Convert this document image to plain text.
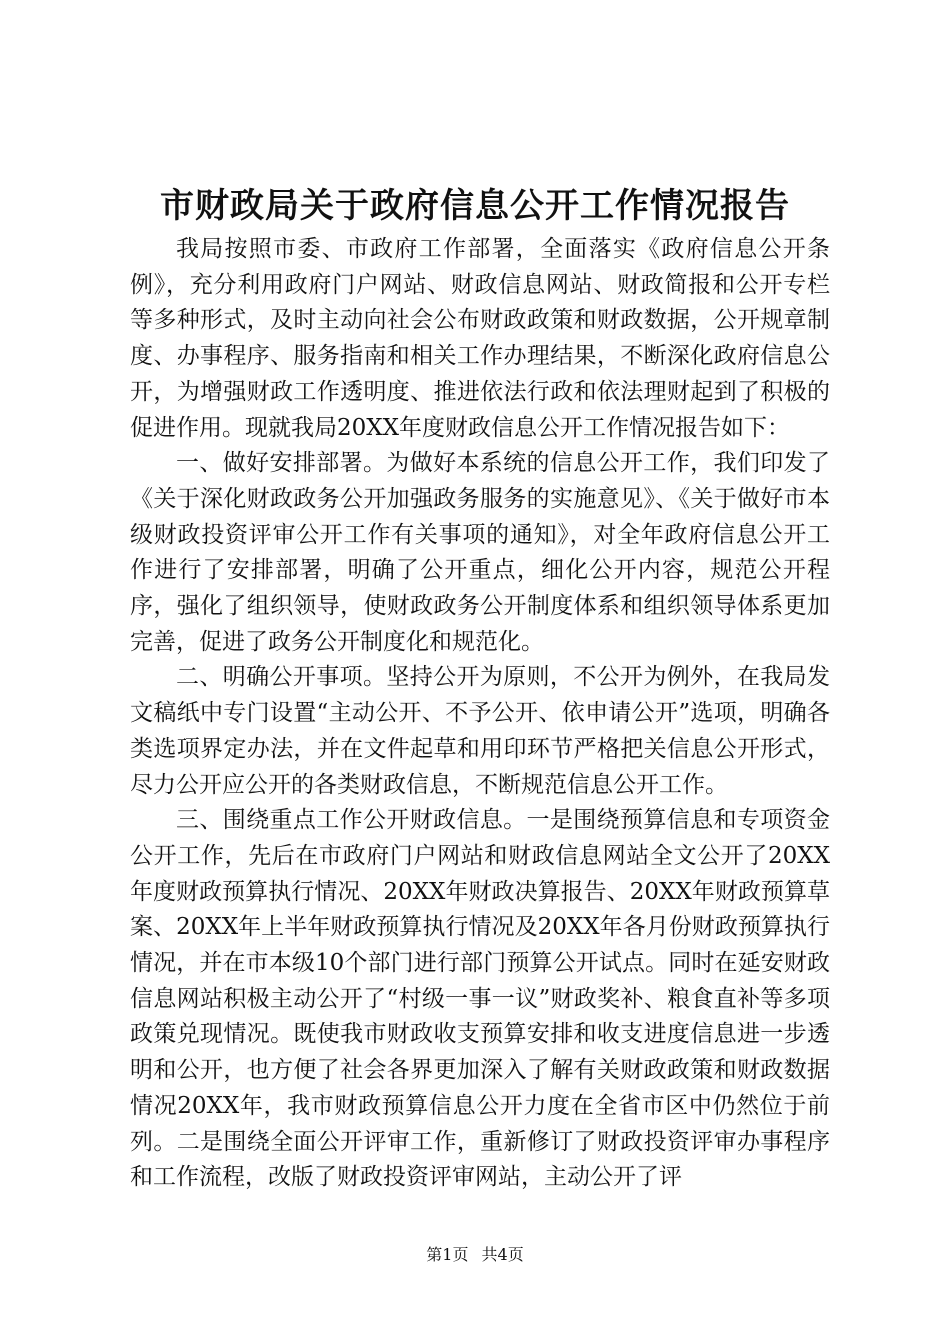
市财政局关于政府信息公开工作情况报告

我局按照市委、市政府工作部署，全面落实《政府信息公开条例》，充分利用政府门户网站、财政信息网站、财政简报和公开专栏等多种形式，及时主动向社会公布财政政策和财政数据，公开规章制度、办事程序、服务指南和相关工作办理结果，不断深化政府信息公开，为增强财政工作透明度、推进依法行政和依法理财起到了积极的促进作用。现就我局20XX年度财政信息公开工作情况报告如下：

一、做好安排部署。为做好本系统的信息公开工作，我们印发了《关于深化财政政务公开加强政务服务的实施意见》、《关于做好市本级财政投资评审公开工作有关事项的通知》，对全年政府信息公开工作进行了安排部署，明确了公开重点，细化公开内容，规范公开程序，强化了组织领导，使财政政务公开制度体系和组织领导体系更加完善，促进了政务公开制度化和规范化。

二、明确公开事项。坚持公开为原则，不公开为例外，在我局发文稿纸中专门设置“主动公开、不予公开、依申请公开”选项，明确各类选项界定办法，并在文件起草和用印环节严格把关信息公开形式，尽力公开应公开的各类财政信息，不断规范信息公开工作。

三、围绕重点工作公开财政信息。一是围绕预算信息和专项资金公开工作，先后在市政府门户网站和财政信息网站全文公开了20XX年度财政预算执行情况、20XX年财政决算报告、20XX年财政预算草案、20XX年上半年财政预算执行情况及20XX年各月份财政预算执行情况，并在市本级10个部门进行部门预算公开试点。同时在延安财政信息网站积极主动公开了“村级一事一议”财政奖补、粮食直补等多项政策兑现情况。既使我市财政收支预算安排和收支进度信息进一步透明和公开，也方便了社会各界更加深入了解有关财政政策和财政数据情况20XX年，我市财政预算信息公开力度在全省市区中仍然位于前列。二是围绕全面公开评审工作，重新修订了财政投资评审办事程序和工作流程，改版了财政投资评审网站，主动公开了评

第1页 共4页
